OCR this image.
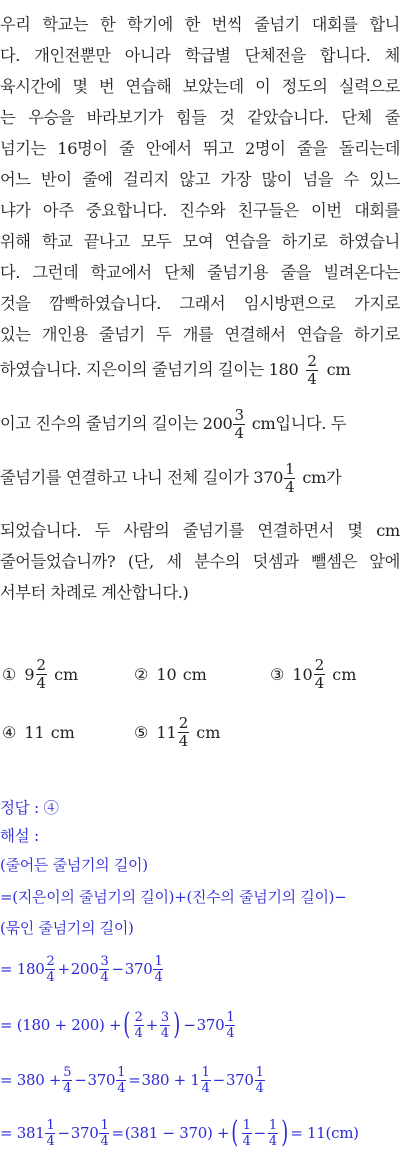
우리 학교는 한 학기에 한 번씩 줄넘기 대회를 합니
다. 개인전뿐만 아니라 학급별 단체전을 합니다. 체
육시간에 몇 번 연습해 보았는데 이 정도의 실력으로
는 우승을 바라보기가 힘들 것 같았습니다. 단체 줄
넘기는 16명이 줄 안에서 뛰고 2명이 줄을 돌리는데
어느 반이 줄에 걸리지 않고 가장 많이 넘을 수 있느
냐가 아주 중요합니다. 진수와 친구들은 이번 대회를
위해 학교 끝나고 모두 모여 연습을 하기로 하였습니
다. 그런데 학교에서 단체 줄넘기용 줄을 빌려온다는
것을 깜빡하였습니다. 그래서 임시방편으로 가지로
있는 개인용 줄넘기 두 개를 연결해서 연습을 하기로
하였습니다. 지은이의 줄넘기의 길이는 $180 \frac{2}{4}$ cm
이고 진수의 줄넘기의 길이는 $200 \frac{3}{4}$ cm입니다. 두
줄넘기를 연결하고 나니 전체 길이가 $370 \frac{1}{4}$ cm가
되었습니다. 두 사람의 줄넘기를 연결하면서 몇 cm
줄어들었습니까? (단, 세 분수의 덧셈과 뺄셈은 앞에
서부터 차례로 계산합니다.)
① $9 \frac{2}{4}$ cm	② 10 cm	③ $10 \frac{2}{4}$ cm
④ 11 cm	⑤ $11 \frac{2}{4}$ cm
정답 : ④
해설 :
(줄어든 줄넘기의 길이)
=(지은이의 줄넘기의 길이)+(진수의 줄넘기의 길이)−
(묶인 줄넘기의 길이)
= $180 \frac{2}{4} + 200 \frac{3}{4} - 370 \frac{1}{4}$
= (180 + 200) + ( $\frac{2}{4} + \frac{3}{4}$ ) − $370 \frac{1}{4}$
= $380 + \frac{5}{4} - 370 \frac{1}{4} = 380 + 1 \frac{1}{4} - 370 \frac{1}{4}$
= $381 \frac{1}{4} - 370 \frac{1}{4} = (381 - 370)$ + ( $\frac{1}{4} - \frac{1}{4}$ ) = 11(cm)
